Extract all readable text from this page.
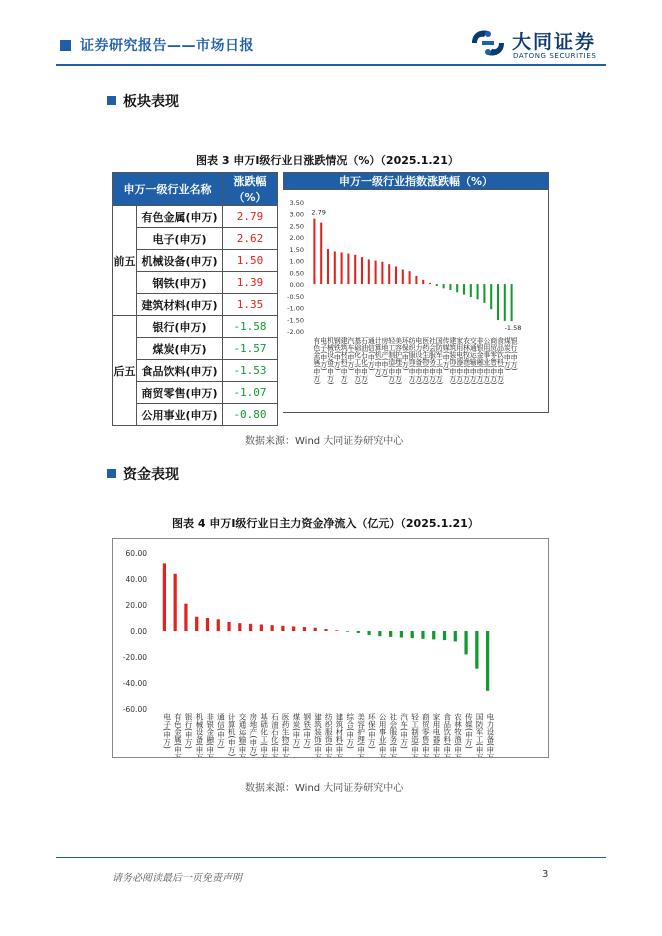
证券研究报告——市场日报	大同证券
DATONG SECURITIES
板块表现
图表 3 申万Ⅰ级行业日涨跌情况（%）（2025.1.21）
申万一级行业名称		涨跌幅（%）
前五	有色金属(申万)	2.79
	电子(申万)	2.62
	机械设备(申万)	1.50
	钢铁(申万)	1.39
	建筑材料(申万)	1.35
后五	银行(申万)	-1.58
	煤炭(申万)	-1.57
	食品饮料(申万)	-1.53
	商贸零售(申万)	-1.07
	公用事业(申万)	-0.80
申万一级行业指数涨跌幅（%）
3.50
3.00
2.50
2.00
1.50
1.00
0.50
0.00
-0.50
-1.00
-1.50
-2.00
有色金属(申万)
电子(申万)
机械设备(申万)
钢铁(申万)
建筑材料(申万)
汽车(申万)
基础化工(申万)
石油石化(申万)
通信(申万)
计算机(申万)
房地产(申万)
轻工制造(申万)
美容护理(申万)
环保(申万)
纺织服饰(申万)
电力设备(申万)
医药生物(申万)
社会服务(申万)
国防军工(申万)
传媒(申万)
建筑装饰(申万)
家用电器(申万)
农林牧渔(申万)
交通运输(申万)
非银金融(申万)
公用事业(申万)
商贸零售(申万)
食品饮料(申万)
煤炭(申万)
银行(申万)
2.79
-1.58
数据来源：Wind 大同证券研究中心
资金表现
图表 4 申万Ⅰ级行业日主力资金净流入（亿元）（2025.1.21）
60.00
40.00
20.00
0.00
-20.00
-40.00
-60.00
电子(申万) 有色金属(申万) 银行(申万) 机械设备(申万) 非银金融(申万) 通信(申万) 计算机(申万) 交通运输(申万) 房地产(申万) 基础化工(申万) 石油石化(申万) 医药生物(申万) 煤炭(申万) 钢铁(申万) 建筑装饰(申万) 纺织服饰(申万) 建筑材料(申万) 综合(申万) 美容护理(申万) 环保(申万) 公用事业(申万) 社会服务(申万) 汽车(申万) 轻工制造(申万) 商贸零售(申万) 家用电器(申万) 食品饮料(申万) 农林牧渔(申万) 传媒(申万) 国防军工(申万) 电力设备(申万)
数据来源：Wind 大同证券研究中心
请务必阅读最后一页免责声明	3
